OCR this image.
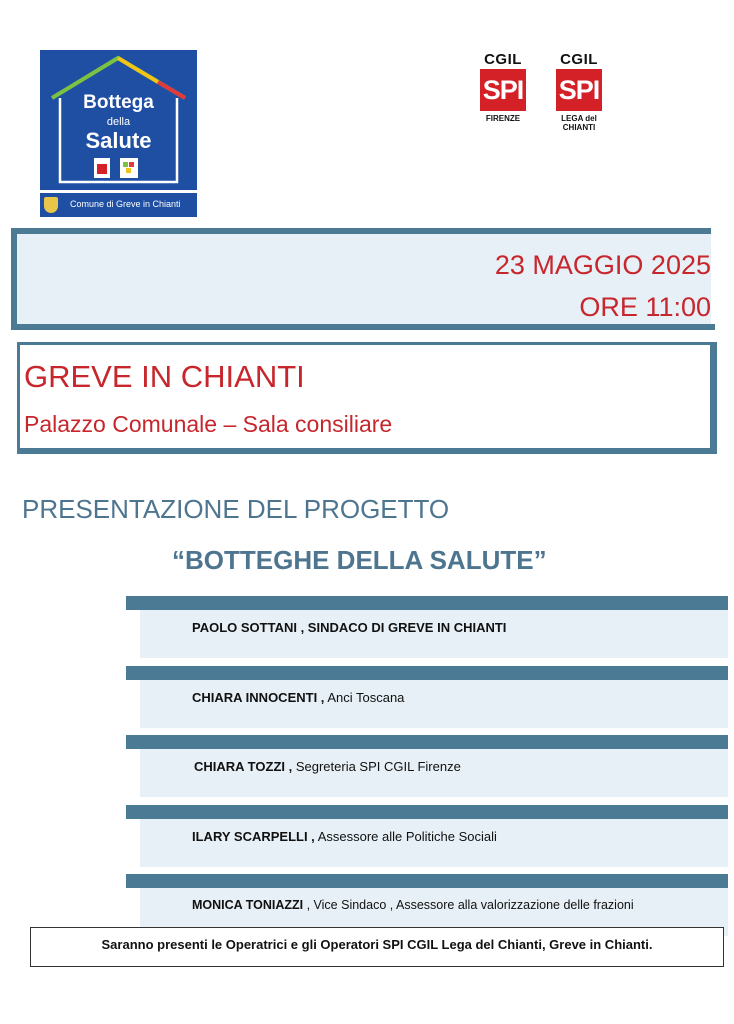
Bottega
della
Salute
Comune di Greve in Chianti
CGIL
SPI
FIRENZE
CGIL
SPI
LEGA del CHIANTI
23 MAGGIO 2025
ORE 11:00
GREVE IN CHIANTI
Palazzo Comunale – Sala consiliare
PRESENTAZIONE DEL PROGETTO
“BOTTEGHE DELLA SALUTE”
PAOLO SOTTANI , SINDACO DI GREVE IN CHIANTI
CHIARA INNOCENTI , Anci Toscana
CHIARA TOZZI , Segreteria SPI CGIL Firenze
ILARY SCARPELLI , Assessore alle Politiche Sociali
MONICA TONIAZZI , Vice Sindaco , Assessore alla valorizzazione delle frazioni
Saranno presenti le Operatrici e gli Operatori SPI CGIL Lega del Chianti, Greve in Chianti.
